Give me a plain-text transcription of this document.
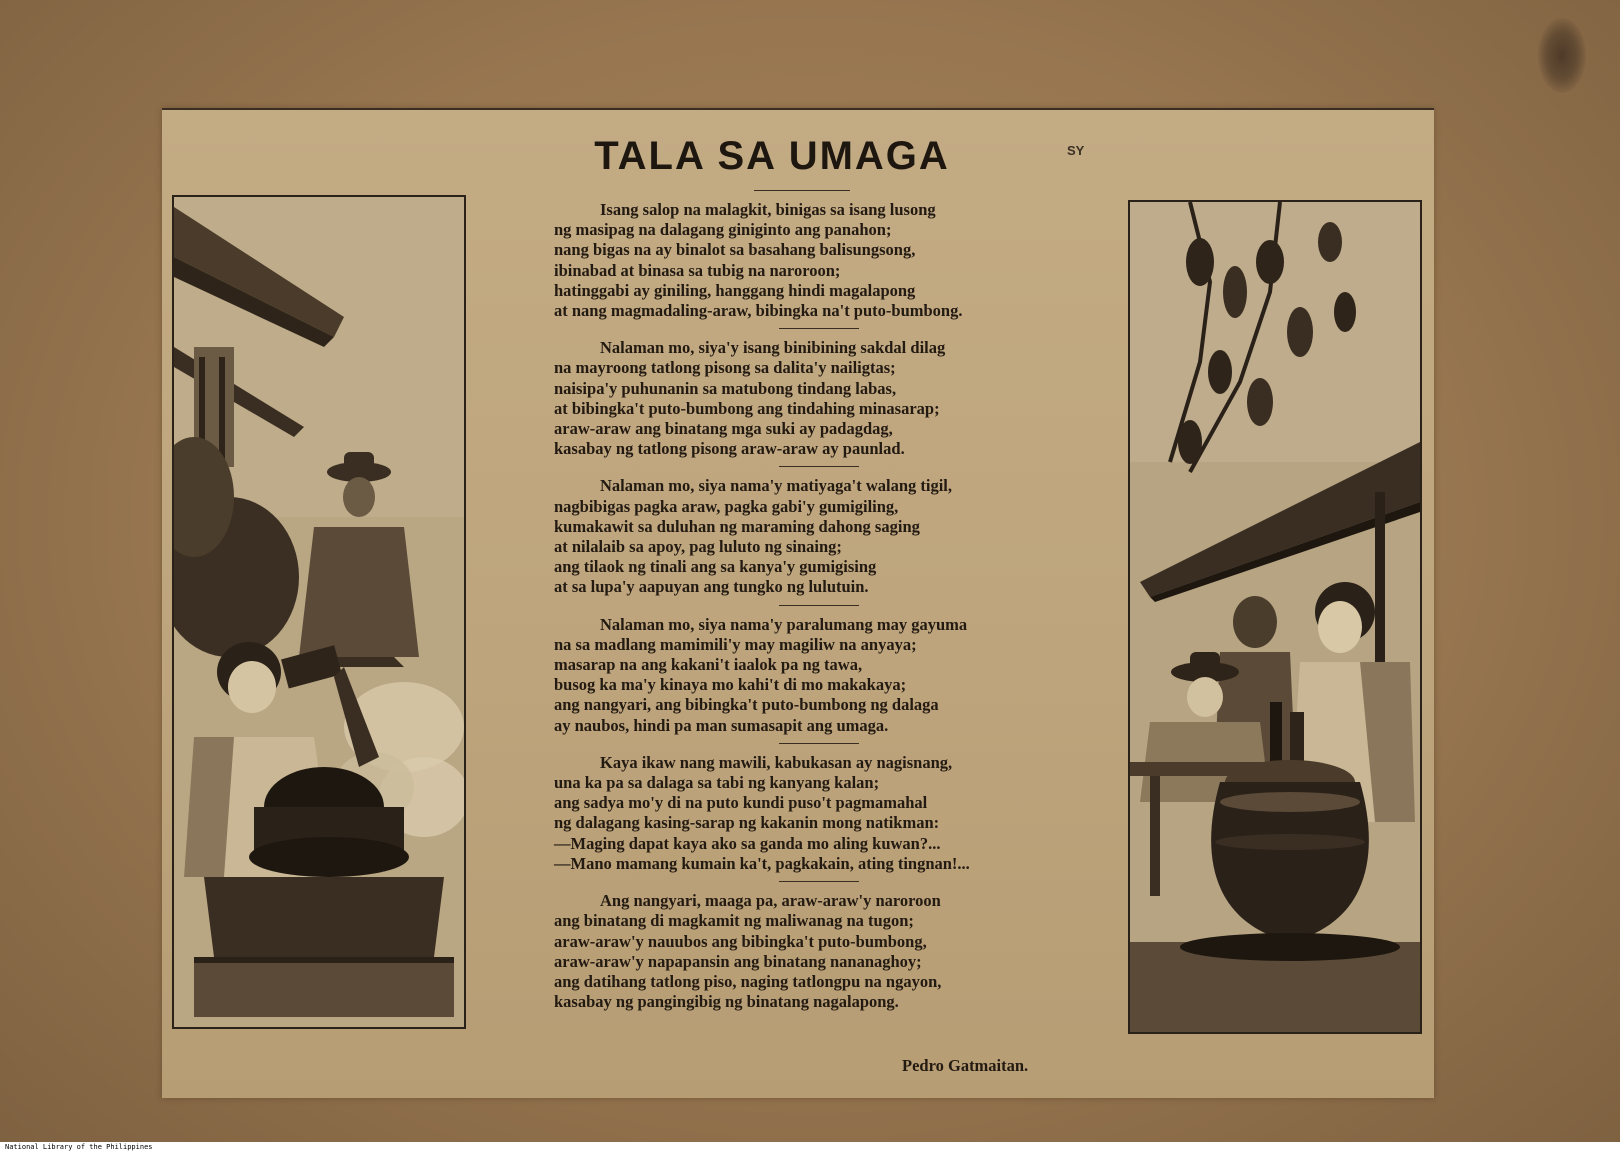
TALA SA UMAGA	SY

Isang salop na malagkit, binigas sa isang lusong

ng masipag na dalagang giniginto ang panahon;

nang bigas na ay binalot sa basahang balisungsong,

ibinabad at binasa sa tubig na naroroon;

hatinggabi ay giniling, hanggang hindi magalapong

at nang magmadaling-araw, bibingka na't puto-bumbong.

Nalaman mo, siya'y isang binibining sakdal dilag

na mayroong tatlong pisong sa dalita'y nailigtas;

naisipa'y puhunanin sa matubong tindang labas,

at bibingka't puto-bumbong ang tindahing minasarap;

araw-araw ang binatang mga suki ay padagdag,

kasabay ng tatlong pisong araw-araw ay paunlad.

Nalaman mo, siya nama'y matiyaga't walang tigil,

nagbibigas pagka araw, pagka gabi'y gumigiling,

kumakawit sa duluhan ng maraming dahong saging

at nilalaib sa apoy, pag luluto ng sinaing;

ang tilaok ng tinali ang sa kanya'y gumigising

at sa lupa'y aapuyan ang tungko ng lulutuin.

Nalaman mo, siya nama'y paralumang may gayuma

na sa madlang mamimili'y may magiliw na anyaya;

masarap na ang kakani't iaalok pa ng tawa,

busog ka ma'y kinaya mo kahi't di mo makakaya;

ang nangyari, ang bibingka't puto-bumbong ng dalaga

ay naubos, hindi pa man sumasapit ang umaga.

Kaya ikaw nang mawili, kabukasan ay nagisnang,

una ka pa sa dalaga sa tabi ng kanyang kalan;

ang sadya mo'y di na puto kundi puso't pagmamahal

ng dalagang kasing-sarap ng kakanin mong natikman:

—Maging dapat kaya ako sa ganda mo aling kuwan?...

—Mano mamang kumain ka't, pagkakain, ating tingnan!...

Ang nangyari, maaga pa, araw-araw'y naroroon

ang binatang di magkamit ng maliwanag na tugon;

araw-araw'y nauubos ang bibingka't puto-bumbong,

araw-araw'y napapansin ang binatang nananaghoy;

ang datihang tatlong piso, naging tatlongpu na ngayon,

kasabay ng pangingibig ng binatang nagalapong.

Pedro Gatmaitan.

National Library of the Philippines
